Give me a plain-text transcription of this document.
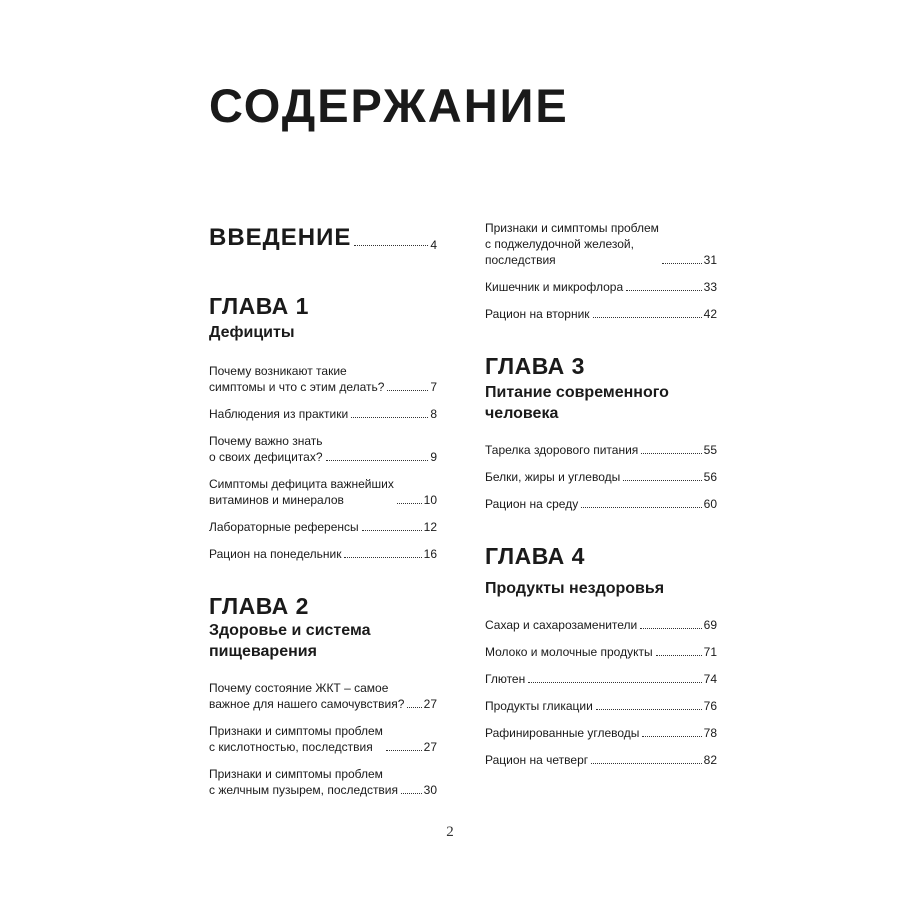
СОДЕРЖАНИЕ
ВВЕДЕНИЕ	4

ГЛАВА 1

Дефициты

Почему возникают такие
симптомы и что с этим делать?	7
Наблюдения из практики	8
Почему важно знать
о своих дефицитах?	9
Симптомы дефицита важнейших
витаминов и минералов	10
Лабораторные референсы	12
Рацион на понедельник	16

ГЛАВА 2

Здоровье и система
пищеварения

Почему состояние ЖКТ – самое
важное для нашего самочувствия? 27
Признаки и симптомы проблем
с кислотностью, последствия	27
Признаки и симптомы проблем
с желчным пузырем, последствия 30
Признаки и симптомы проблем
с поджелудочной железой,
последствия	31
Кишечник и микрофлора	33
Рацион на вторник	42

ГЛАВА 3

Питание современного
человека

Тарелка здорового питания	55
Белки, жиры и углеводы	56
Рацион на среду	60

ГЛАВА 4

Продукты нездоровья

Сахар и сахарозаменители	69
Молоко и молочные продукты	71
Глютен	74
Продукты гликации	76
Рафинированные углеводы	78
Рацион на четверг	82
2
